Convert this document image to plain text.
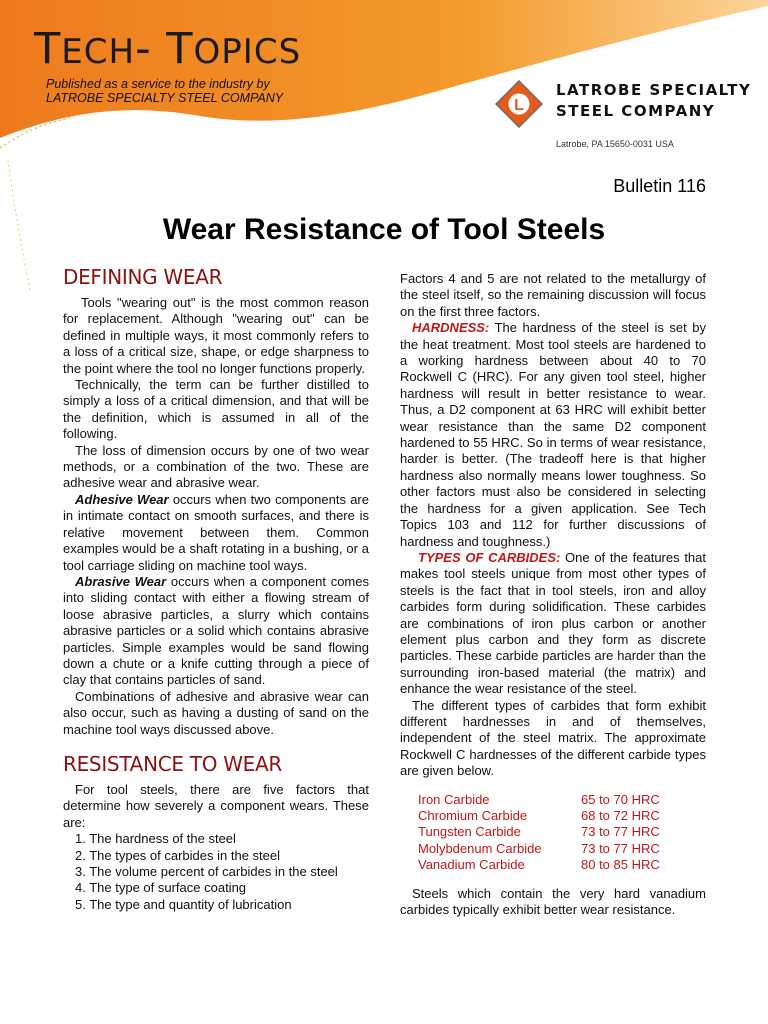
TECH- TOPICS
Published as a service to the industry by
LATROBE SPECIALTY STEEL COMPANY	L
LATROBE SPECIALTY
STEEL COMPANY
Latrobe, PA 15650-0031 USA
Bulletin 116
Wear Resistance of Tool Steels
DEFINING WEAR

Tools "wearing out" is the most common reason for replacement. Although "wearing out" can be defined in multiple ways, it most commonly refers to a loss of a critical size, shape, or edge sharpness to the point where the tool no longer functions properly.

Technically, the term can be further distilled to simply a loss of a critical dimension, and that will be the definition, which is assumed in all of the following.

The loss of dimension occurs by one of two wear methods, or a combination of the two. These are adhesive wear and abrasive wear.

Adhesive Wear occurs when two components are in intimate contact on smooth surfaces, and there is relative movement between them. Common examples would be a shaft rotating in a bushing, or a tool carriage sliding on machine tool ways.

Abrasive Wear occurs when a component comes into sliding contact with either a flowing stream of loose abrasive particles, a slurry which contains abrasive particles or a solid which contains abrasive particles. Simple examples would be sand flowing down a chute or a knife cutting through a piece of clay that contains particles of sand.

Combinations of adhesive and abrasive wear can also occur, such as having a dusting of sand on the machine tool ways discussed above.

RESISTANCE TO WEAR

For tool steels, there are five factors that determine how severely a component wears. These are:

1. The hardness of the steel
2. The types of carbides in the steel
3. The volume percent of carbides in the steel
4. The type of surface coating
5. The type and quantity of lubrication

Factors 4 and 5 are not related to the metallurgy of the steel itself, so the remaining discussion will focus on the first three factors.

HARDNESS: The hardness of the steel is set by the heat treatment. Most tool steels are hardened to a working hardness between about 40 to 70 Rockwell C (HRC). For any given tool steel, higher hardness will result in better resistance to wear. Thus, a D2 component at 63 HRC will exhibit better wear resistance than the same D2 component hardened to 55 HRC. So in terms of wear resistance, harder is better. (The tradeoff here is that higher hardness also normally means lower toughness. So other factors must also be considered in selecting the hardness for a given application. See Tech Topics 103 and 112 for further discussions of hardness and toughness.)

TYPES OF CARBIDES: One of the features that makes tool steels unique from most other types of steels is the fact that in tool steels, iron and alloy carbides form during solidification. These carbides are combinations of iron plus carbon or another element plus carbon and they form as discrete particles. These carbide particles are harder than the surrounding iron-based material (the matrix) and enhance the wear resistance of the steel.

The different types of carbides that form exhibit different hardnesses in and of themselves, independent of the steel matrix. The approximate Rockwell C hardnesses of the different carbide types are given below.

Iron Carbide	65 to 70 HRC
Chromium Carbide	68 to 72 HRC
Tungsten Carbide	73 to 77 HRC
Molybdenum Carbide	73 to 77 HRC
Vanadium Carbide	80 to 85 HRC

Steels which contain the very hard vanadium carbides typically exhibit better wear resistance.
